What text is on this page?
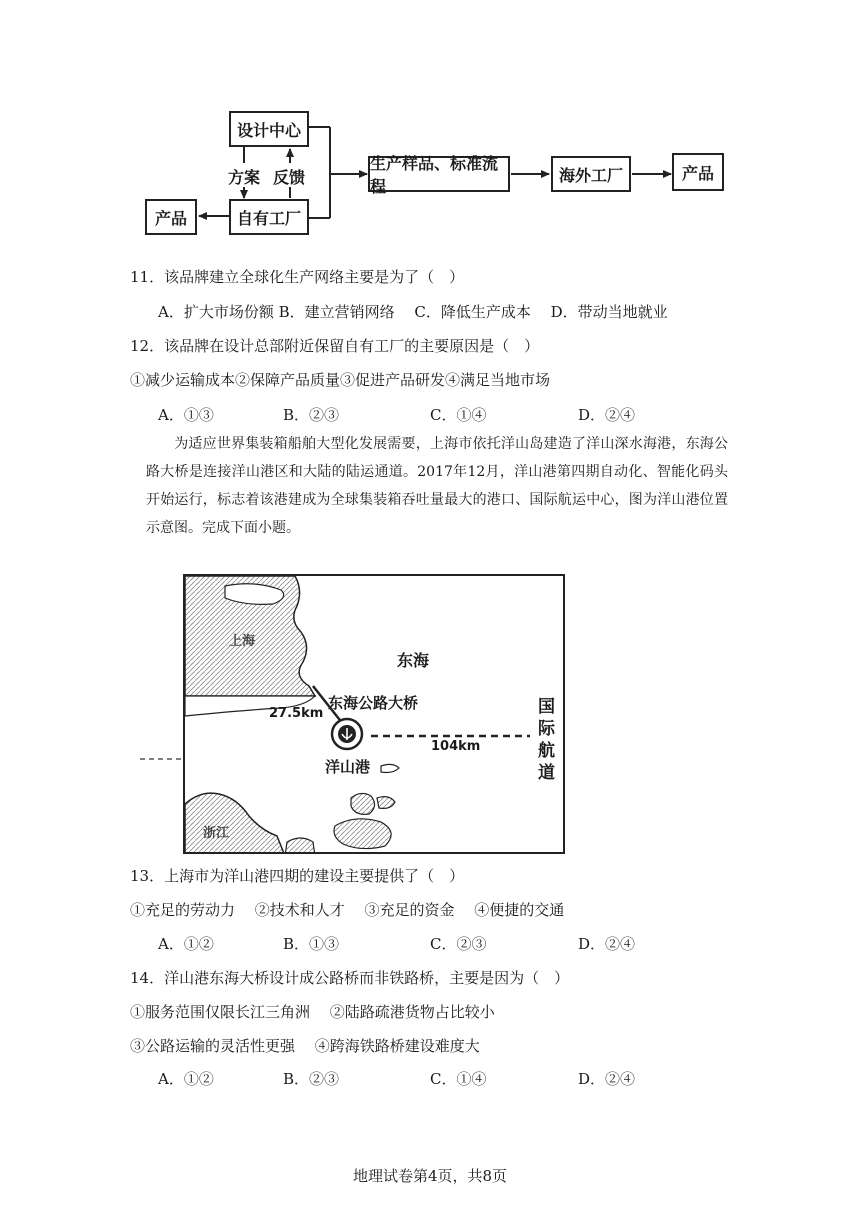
设计中心
方案 反馈
自有工厂
产品
生产样品、标准流程
海外工厂	产品
11．该品牌建立全球化生产网络主要是为了（　）
A．扩大市场份额 B．建立营销网络　 C．降低生产成本　 D．带动当地就业
12．该品牌在设计总部附近保留自有工厂的主要原因是（　）
①减少运输成本②保障产品质量③促进产品研发④满足当地市场
A．①③	B．②③	C．①④	D．②④
为适应世界集装箱船舶大型化发展需要，上海市依托洋山岛建造了洋山深水海港，东海公路大桥是连接洋山港区和大陆的陆运通道。2017年12月，洋山港第四期自动化、智能化码头开始运行，标志着该港建成为全球集装箱吞吐量最大的港口、国际航运中心，图为洋山港位置示意图。完成下面小题。
上海
东海
东海公路大桥
27.5km
104km
洋山港
国际航道
浙江
13．上海市为洋山港四期的建设主要提供了（　）
①充足的劳动力　 ②技术和人才　 ③充足的资金　 ④便捷的交通
A．①②	B．①③	C．②③	D．②④
14．洋山港东海大桥设计成公路桥而非铁路桥，主要是因为（　）
①服务范围仅限长江三角洲　 ②陆路疏港货物占比较小
③公路运输的灵活性更强　 ④跨海铁路桥建设难度大
A．①②	B．②③	C．①④	D．②④
地理试卷第4页，共8页
